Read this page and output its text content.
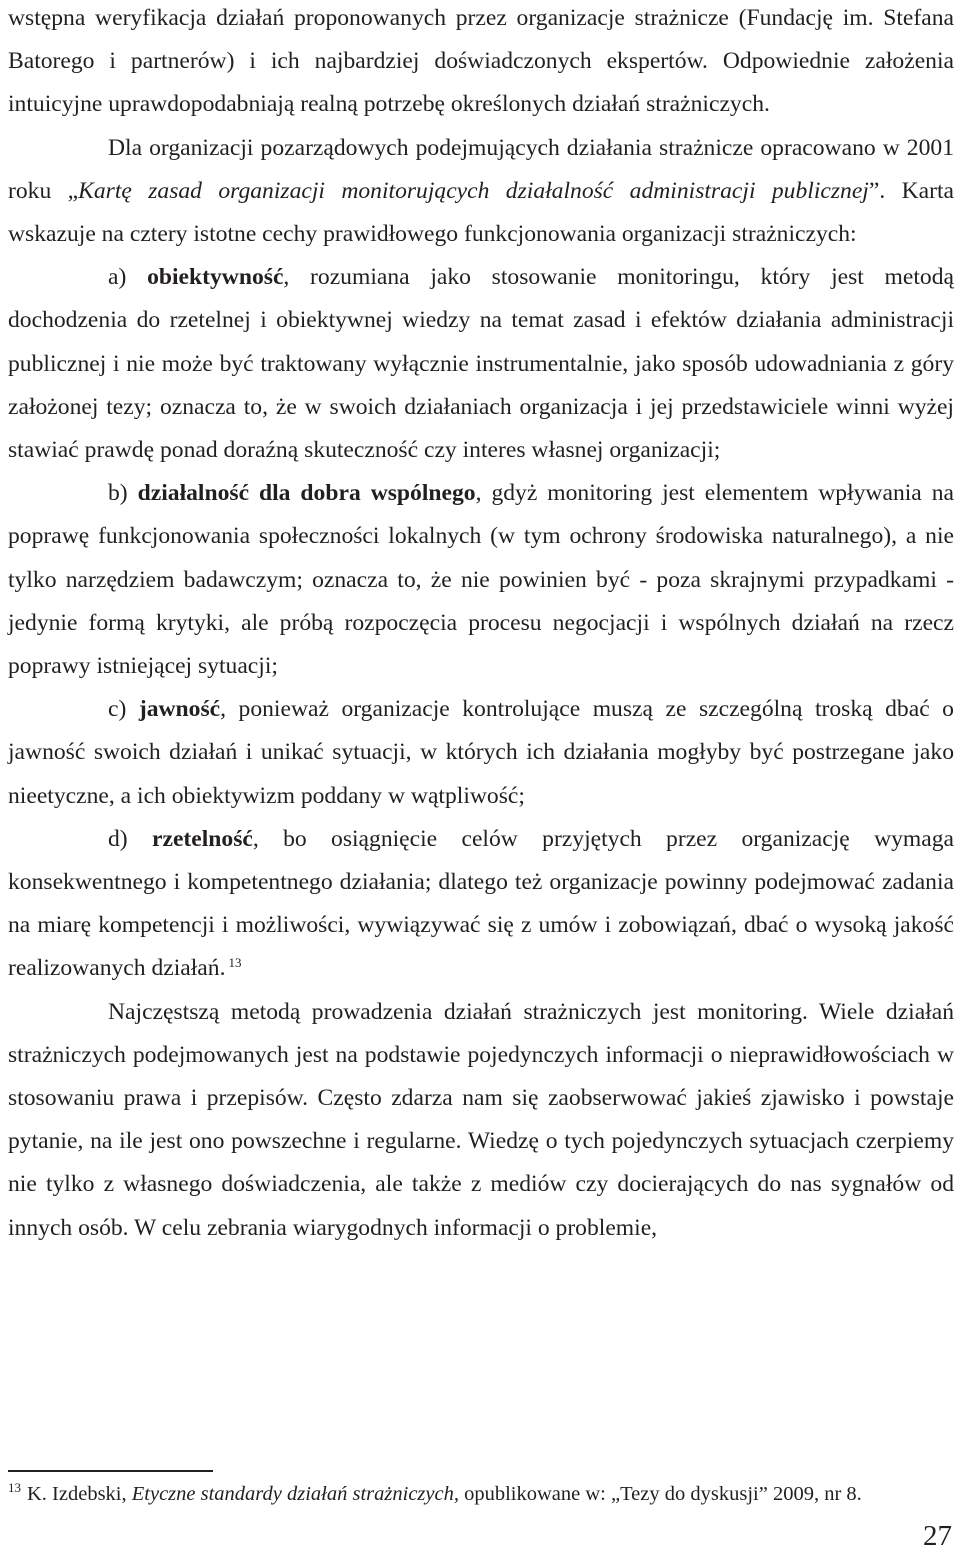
wstępna weryfikacja działań proponowanych przez organizacje strażnicze (Fundację im. Stefana Batorego i partnerów) i ich najbardziej doświadczonych ekspertów. Odpowiednie założenia intuicyjne uprawdopodabniają realną potrzebę określonych działań strażniczych.

Dla organizacji pozarządowych podejmujących działania strażnicze opracowano w 2001 roku „Kartę zasad organizacji monitorujących działalność administracji publicznej”. Karta wskazuje na cztery istotne cechy prawidłowego funkcjonowania organizacji strażniczych:

a) obiektywność, rozumiana jako stosowanie monitoringu, który jest metodą dochodzenia do rzetelnej i obiektywnej wiedzy na temat zasad i efektów działania administracji publicznej i nie może być traktowany wyłącznie instrumentalnie, jako sposób udowadniania z góry założonej tezy; oznacza to, że w swoich działaniach organizacja i jej przedstawiciele winni wyżej stawiać prawdę ponad doraźną skuteczność czy interes własnej organizacji;

b) działalność dla dobra wspólnego, gdyż monitoring jest elementem wpływania na poprawę funkcjonowania społeczności lokalnych (w tym ochrony środowiska naturalnego), a nie tylko narzędziem badawczym; oznacza to, że nie powinien być - poza skrajnymi przypadkami - jedynie formą krytyki, ale próbą rozpoczęcia procesu negocjacji i wspólnych działań na rzecz poprawy istniejącej sytuacji;

c) jawność, ponieważ organizacje kontrolujące muszą ze szczególną troską dbać o jawność swoich działań i unikać sytuacji, w których ich działania mogłyby być postrzegane jako nieetyczne, a ich obiektywizm poddany w wątpliwość;

d) rzetelność, bo osiągnięcie celów przyjętych przez organizację wymaga konsekwentnego i kompetentnego działania; dlatego też organizacje powinny podejmować zadania na miarę kompetencji i możliwości, wywiązywać się z umów i zobowiązań, dbać o wysoką jakość realizowanych działań. $^{13}$

Najczęstszą metodą prowadzenia działań strażniczych jest monitoring. Wiele działań strażniczych podejmowanych jest na podstawie pojedynczych informacji o nieprawidłowościach w stosowaniu prawa i przepisów. Często zdarza nam się zaobserwować jakieś zjawisko i powstaje pytanie, na ile jest ono powszechne i regularne. Wiedzę o tych pojedynczych sytuacjach czerpiemy nie tylko z własnego doświadczenia, ale także z mediów czy docierających do nas sygnałów od innych osób. W celu zebrania wiarygodnych informacji o problemie,

$^{13}$ K. Izdebski, Etyczne standardy działań strażniczych, opublikowane w: „Tezy do dyskusji” 2009, nr 8.
27
